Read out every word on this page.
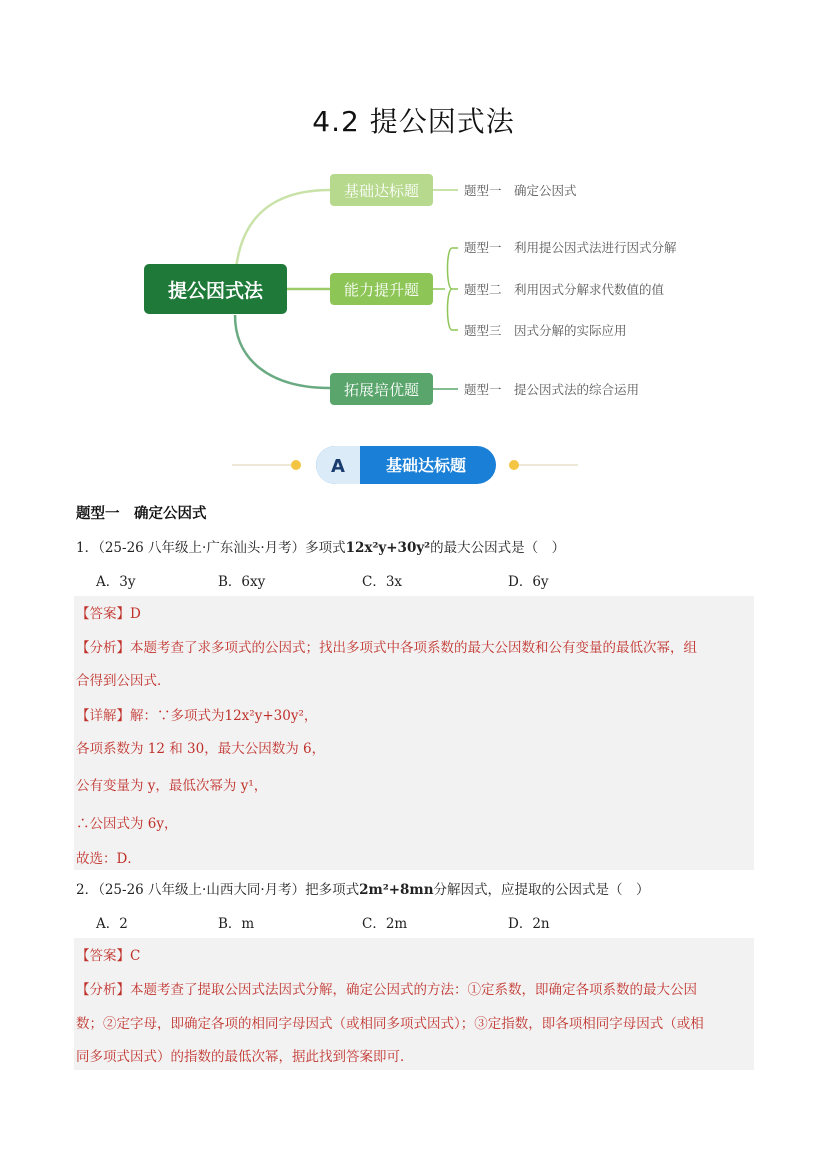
4.2 提公因式法
提公因式法
基础达标题	题型一　确定公因式
能力提升题
题型一　利用提公因式法进行因式分解
题型二　利用因式分解求代数值的值
题型三　因式分解的实际应用
拓展培优题	题型一　提公因式法的综合运用
A	基础达标题
题型一　确定公因式
1．（25-26 八年级上·广东汕头·月考）多项式12x²y+30y²的最大公因式是（　）
A．3y	B．6xy	C．3x	D．6y
【答案】D
【分析】本题考查了求多项式的公因式；找出多项式中各项系数的最大公因数和公有变量的最低次幂，组
合得到公因式．
【详解】解：∵多项式为12x²y+30y²，
各项系数为 12 和 30，最大公因数为 6，
公有变量为 y，最低次幂为 y¹，
∴公因式为 6y，
故选：D．
2．（25-26 八年级上·山西大同·月考）把多项式2m²+8mn分解因式，应提取的公因式是（　）
A．2	B．m	C．2m	D．2n
【答案】C
【分析】本题考查了提取公因式法因式分解，确定公因式的方法：①定系数，即确定各项系数的最大公因
数；②定字母，即确定各项的相同字母因式（或相同多项式因式）；③定指数，即各项相同字母因式（或相
同多项式因式）的指数的最低次幂，据此找到答案即可．
